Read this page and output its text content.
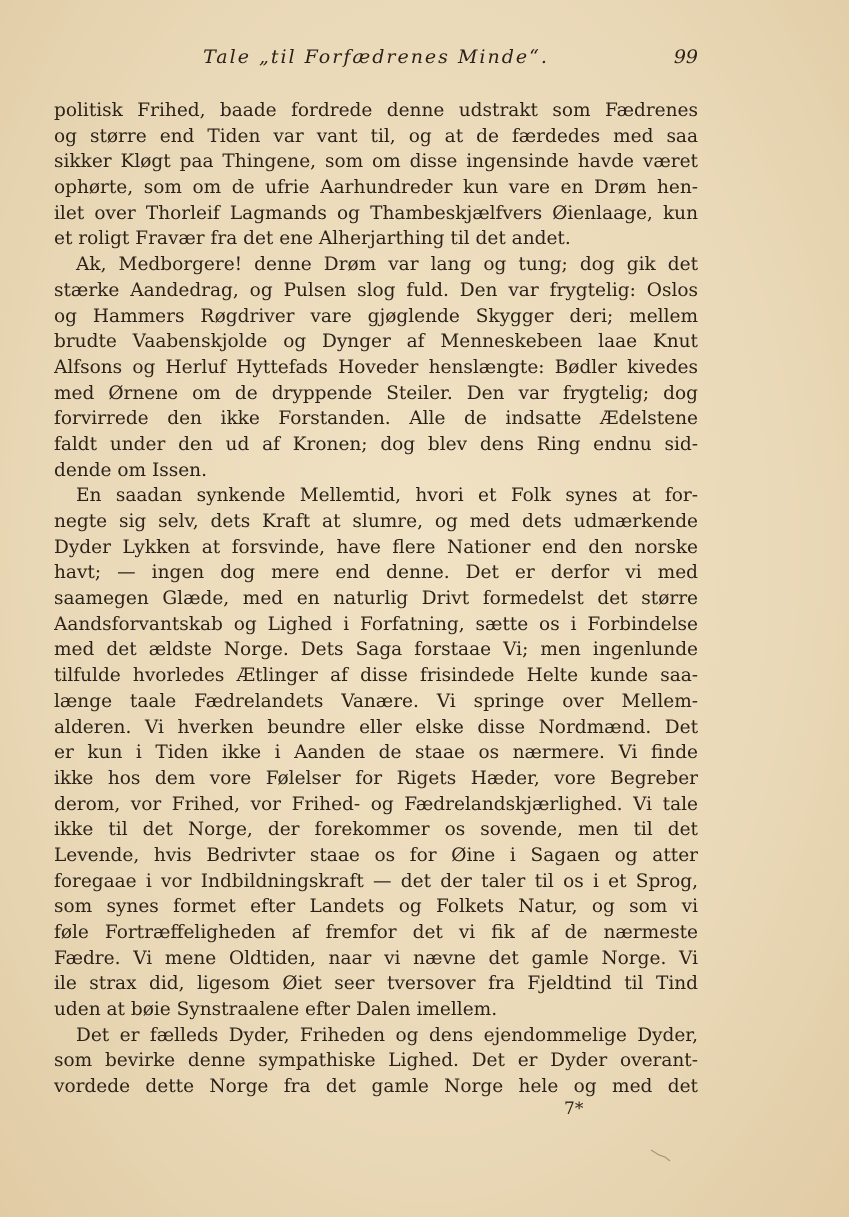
Tale „til Forfædrenes Minde“.	99
politisk Frihed, baade fordrede denne udstrakt som Fædrenes
og større end Tiden var vant til, og at de færdedes med saa
sikker Kløgt paa Thingene, som om disse ingensinde havde været
ophørte, som om de ufrie Aarhundreder kun vare en Drøm hen-
ilet over Thorleif Lagmands og Thambeskjælfvers Øienlaage, kun
et roligt Fravær fra det ene Alherjarthing til det andet.
Ak, Medborgere! denne Drøm var lang og tung; dog gik det
stærke Aandedrag, og Pulsen slog fuld. Den var frygtelig: Oslos
og Hammers Røgdriver vare gjøglende Skygger deri; mellem
brudte Vaabenskjolde og Dynger af Menneskebeen laae Knut
Alfsons og Herluf Hyttefads Hoveder henslængte: Bødler kivedes
med Ørnene om de dryppende Steiler. Den var frygtelig; dog
forvirrede den ikke Forstanden. Alle de indsatte Ædelstene
faldt under den ud af Kronen; dog blev dens Ring endnu sid-
dende om Issen.
En saadan synkende Mellemtid, hvori et Folk synes at for-
negte sig selv, dets Kraft at slumre, og med dets udmærkende
Dyder Lykken at forsvinde, have flere Nationer end den norske
havt; — ingen dog mere end denne. Det er derfor vi med
saamegen Glæde, med en naturlig Drivt formedelst det større
Aandsforvantskab og Lighed i Forfatning, sætte os i Forbindelse
med det ældste Norge. Dets Saga forstaae Vi; men ingenlunde
tilfulde hvorledes Ætlinger af disse frisindede Helte kunde saa-
længe taale Fædrelandets Vanære. Vi springe over Mellem-
alderen. Vi hverken beundre eller elske disse Nordmænd. Det
er kun i Tiden ikke i Aanden de staae os nærmere. Vi finde
ikke hos dem vore Følelser for Rigets Hæder, vore Begreber
derom, vor Frihed, vor Frihed- og Fædrelandskjærlighed. Vi tale
ikke til det Norge, der forekommer os sovende, men til det
Levende, hvis Bedrivter staae os for Øine i Sagaen og atter
foregaae i vor Indbildningskraft — det der taler til os i et Sprog,
som synes formet efter Landets og Folkets Natur, og som vi
føle Fortræffeligheden af fremfor det vi fik af de nærmeste
Fædre. Vi mene Oldtiden, naar vi nævne det gamle Norge. Vi
ile strax did, ligesom Øiet seer tversover fra Fjeldtind til Tind
uden at bøie Synstraalene efter Dalen imellem.
Det er fælleds Dyder, Friheden og dens ejendommelige Dyder,
som bevirke denne sympathiske Lighed. Det er Dyder overant-
vordede dette Norge fra det gamle Norge hele og med det
7*
